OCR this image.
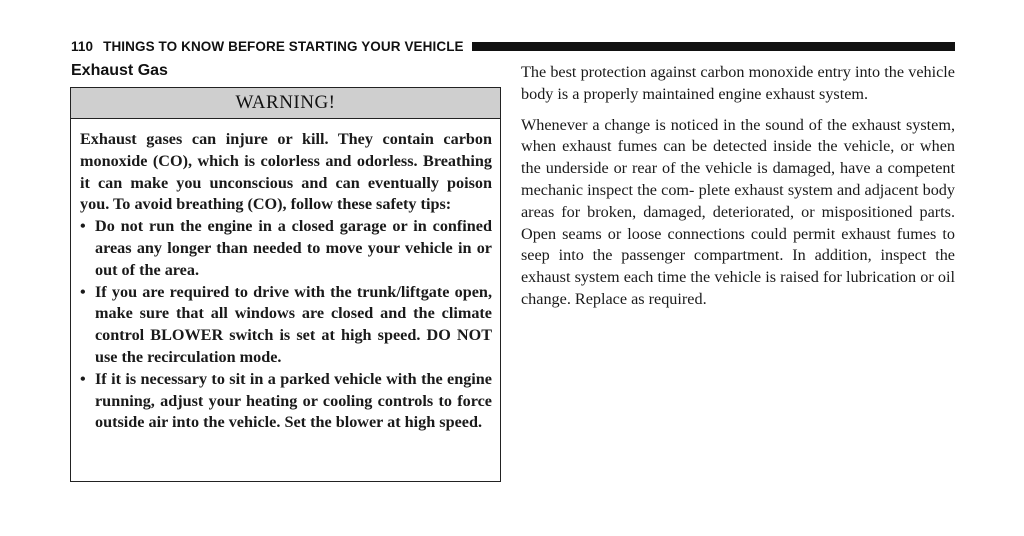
110 THINGS TO KNOW BEFORE STARTING YOUR VEHICLE
Exhaust Gas
WARNING!

Exhaust gases can injure or kill. They contain carbon monoxide (CO), which is colorless and odorless. Breathing it can make you unconscious and can eventually poison you. To avoid breathing (CO), follow these safety tips:

• Do not run the engine in a closed garage or in confined areas any longer than needed to move your vehicle in or out of the area.
• If you are required to drive with the trunk/liftgate open, make sure that all windows are closed and the climate control BLOWER switch is set at high speed. DO NOT use the recirculation mode.
• If it is necessary to sit in a parked vehicle with the engine running, adjust your heating or cooling controls to force outside air into the vehicle. Set the blower at high speed.

The best protection against carbon monoxide entry into the vehicle body is a properly maintained engine exhaust system.

Whenever a change is noticed in the sound of the exhaust system, when exhaust fumes can be detected inside the vehicle, or when the underside or rear of the vehicle is damaged, have a competent mechanic inspect the com- plete exhaust system and adjacent body areas for broken, damaged, deteriorated, or mispositioned parts. Open seams or loose connections could permit exhaust fumes to seep into the passenger compartment. In addition, inspect the exhaust system each time the vehicle is raised for lubrication or oil change. Replace as required.
